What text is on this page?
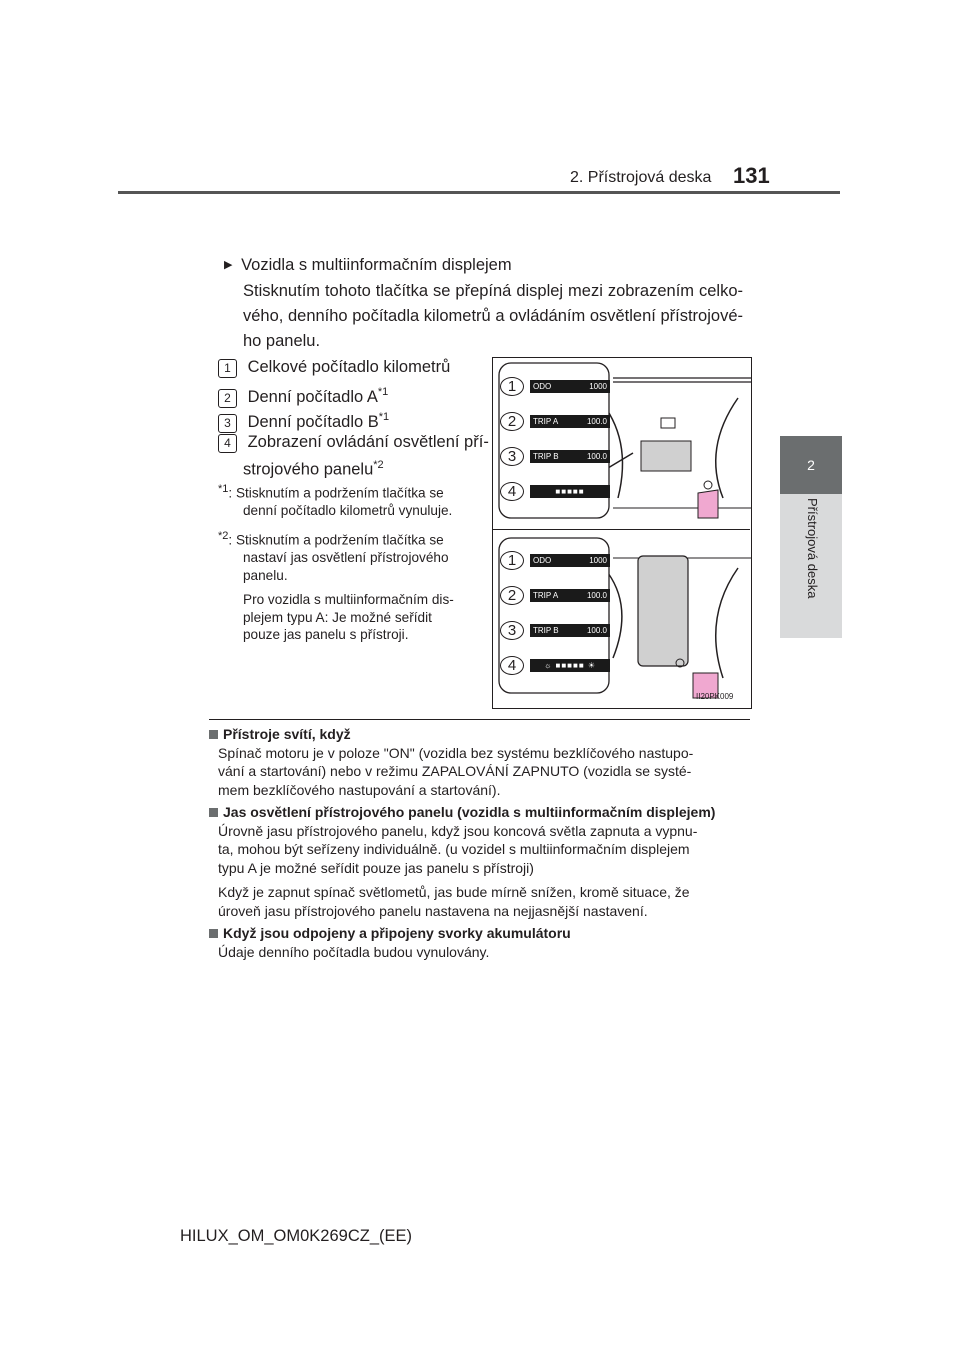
2. Přístrojová deska 131
2
Přístrojová deska
▶ Vozidla s multiinformačním displejem
Stisknutím tohoto tlačítka se přepíná displej mezi zobrazením celko-
vého, denního počítadla kilometrů a ovládáním osvětlení přístrojové-
ho panelu.
1 Celkové počítadlo kilometrů
2 Denní počítadlo $A^{*1}$
3 Denní počítadlo $B^{*1}$
4 Zobrazení ovládání osvětlení pří-
strojového panelu$^{*2}$
$^{*1}$: Stisknutím a podržením tlačítka se
denní počítadlo kilometrů vynuluje.
$^{*2}$: Stisknutím a podržením tlačítka se
nastaví jas osvětlení přístrojového
panelu.
Pro vozidla s multiinformačním dis-
plejem typu A: Je možné seřídit
pouze jas panelu s přístroji.
1	ODO	1000
2	TRIP A	100.0
3	TRIP B	100.0
4	■■■■■
1	ODO	1000
2	TRIP A	100.0
3	TRIP B	100.0
4	☼ ■■■■■ ☀
II20PK009
Přístroje svítí, když
Spínač motoru je v poloze "ON" (vozidla bez systému bezklíčového nastupo-
vání a startování) nebo v režimu ZAPALOVÁNÍ ZAPNUTO (vozidla se systé-
mem bezklíčového nastupování a startování).
Jas osvětlení přístrojového panelu (vozidla s multiinformačním displejem)
Úrovně jasu přístrojového panelu, když jsou koncová světla zapnuta a vypnu-
ta, mohou být seřízeny individuálně. (u vozidel s multiinformačním displejem
typu A je možné seřídit pouze jas panelu s přístroji)
Když je zapnut spínač světlometů, jas bude mírně snížen, kromě situace, že
úroveň jasu přístrojového panelu nastavena na nejjasnější nastavení.
Když jsou odpojeny a připojeny svorky akumulátoru
Údaje denního počítadla budou vynulovány.
HILUX_OM_OM0K269CZ_(EE)
